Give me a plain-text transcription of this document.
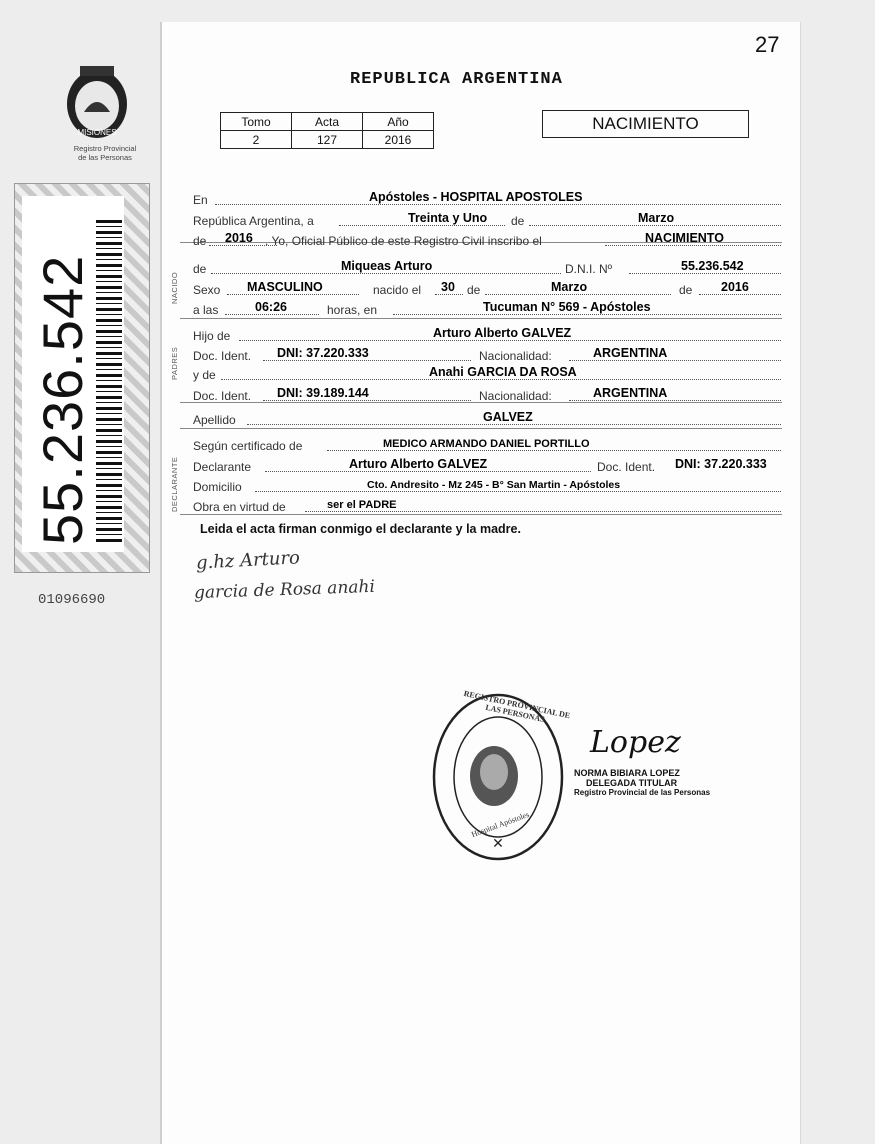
MISIONES
Registro Provincial
de las Personas
55.236.542
01096690
27
REPUBLICA ARGENTINA
Tomo	Acta	Año
2	127	2016
NACIMIENTO
NACIDO
PADRES
DECLARANTE
En	Apóstoles - HOSPITAL APOSTOLES
República Argentina, a	Treinta y Uno de	Marzo
de 2016 . Yo, Oficial Público de este Registro Civil inscribo el	NACIMIENTO
de	Miqueas Arturo	D.N.I. Nº	55.236.542
Sexo MASCULINO	nacido el 30 de	Marzo	de 2016
a las	06:26	horas, en	Tucuman N° 569 - Apóstoles
Hijo de	Arturo Alberto GALVEZ
Doc. Ident. DNI: 37.220.333	Nacionalidad:	ARGENTINA
y de	Anahi GARCIA DA ROSA
Doc. Ident. DNI: 39.189.144	Nacionalidad:	ARGENTINA
Apellido	GALVEZ
Según certificado de	MEDICO ARMANDO DANIEL PORTILLO
Declarante	Arturo Alberto GALVEZ	Doc. Ident. DNI: 37.220.333
Domicilio	Cto. Andresito - Mz 245 - B° San Martin - Apóstoles
Obra en virtud de	ser el PADRE
Leida el acta firman conmigo el declarante y la madre.
g.hz Arturo
garcia de Rosa anahi
✕
REGISTRO PROVINCIAL DE LAS PERSONAS
Hospital Apóstoles
Lopez
NORMA BIBIARA LOPEZ
DELEGADA TITULAR
Registro Provincial de las Personas
